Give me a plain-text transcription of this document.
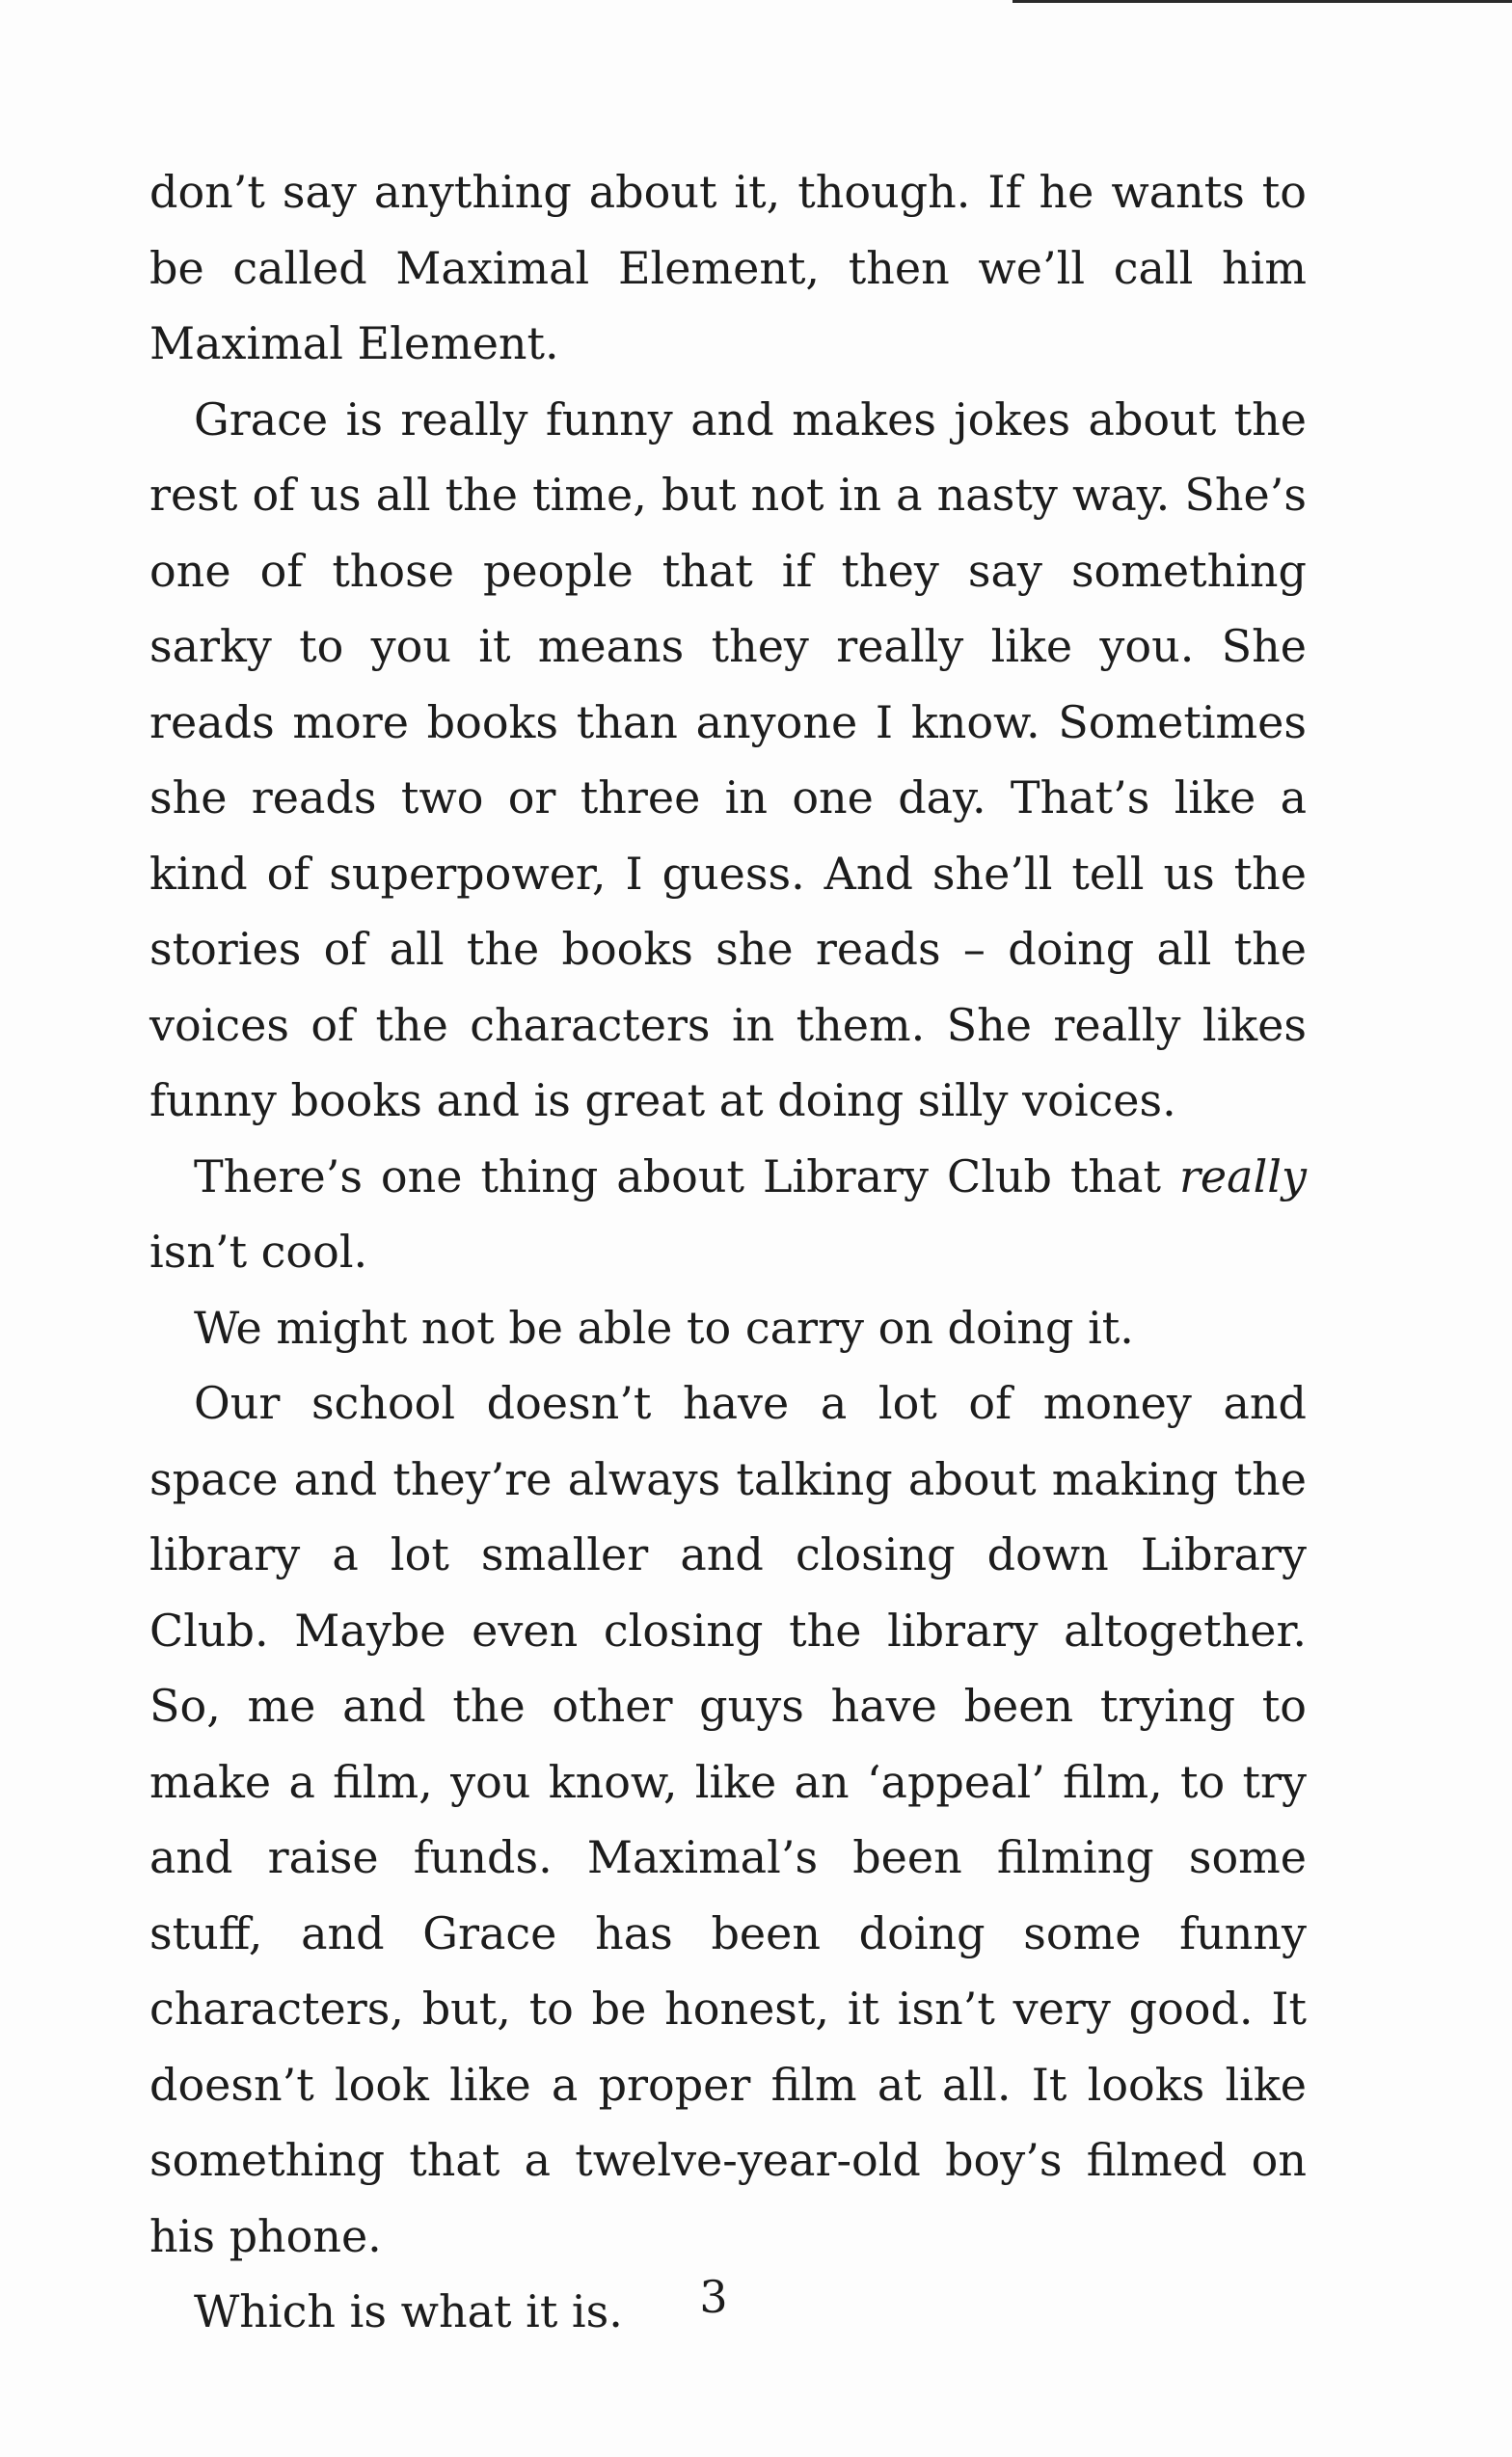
don’t say anything about it, though. If he wants to be called Maximal Element, then we’ll call him Maximal Element.

Grace is really funny and makes jokes about the rest of us all the time, but not in a nasty way. She’s one of those people that if they say something sarky to you it means they really like you. She reads more books than anyone I know. Sometimes she reads two or three in one day. That’s like a kind of superpower, I guess. And she’ll tell us the stories of all the books she reads – doing all the voices of the characters in them. She really likes funny books and is great at doing silly voices.

There’s one thing about Library Club that really isn’t cool.

We might not be able to carry on doing it.

Our school doesn’t have a lot of money and space and they’re always talking about making the library a lot smaller and closing down Library Club. Maybe even closing the library altogether. So, me and the other guys have been trying to make a film, you know, like an ‘appeal’ film, to try and raise funds. Maximal’s been filming some stuff, and Grace has been doing some funny characters, but, to be honest, it isn’t very good. It doesn’t look like a proper film at all. It looks like something that a twelve-year-old boy’s filmed on his phone.

Which is what it is.	3
